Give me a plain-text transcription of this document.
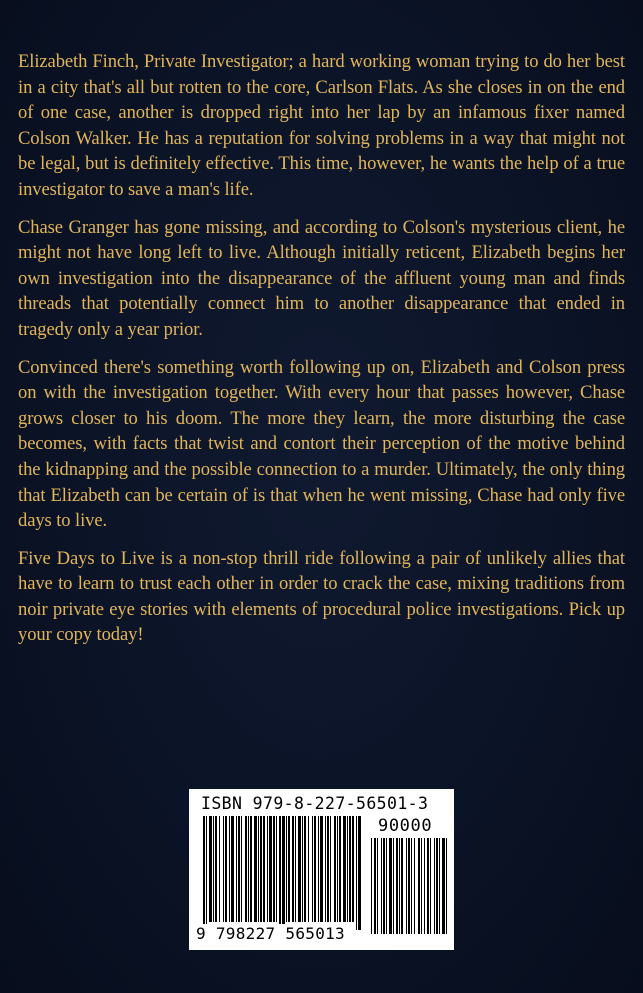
Elizabeth Finch, Private Investigator; a hard working woman trying to do her best in a city that's all but rotten to the core, Carlson Flats. As she closes in on the end of one case, another is dropped right into her lap by an infamous fixer named Colson Walker. He has a reputation for solving problems in a way that might not be legal, but is definitely effective. This time, however, he wants the help of a true investigator to save a man's life.

Chase Granger has gone missing, and according to Colson's mysterious client, he might not have long left to live. Although initially reticent, Elizabeth begins her own investigation into the disappearance of the affluent young man and finds threads that potentially connect him to another disappearance that ended in tragedy only a year prior.

Convinced there's something worth following up on, Elizabeth and Colson press on with the investigation together. With every hour that passes however, Chase grows closer to his doom. The more they learn, the more disturbing the case becomes, with facts that twist and contort their perception of the motive behind the kidnapping and the possible connection to a murder. Ultimately, the only thing that Elizabeth can be certain of is that when he went missing, Chase had only five days to live.

Five Days to Live is a non-stop thrill ride following a pair of unlikely allies that have to learn to trust each other in order to crack the case, mixing traditions from noir private eye stories with elements of procedural police investigations. Pick up your copy today!

ISBN 979-8-227-56501-3
90000
9 798227 565013
